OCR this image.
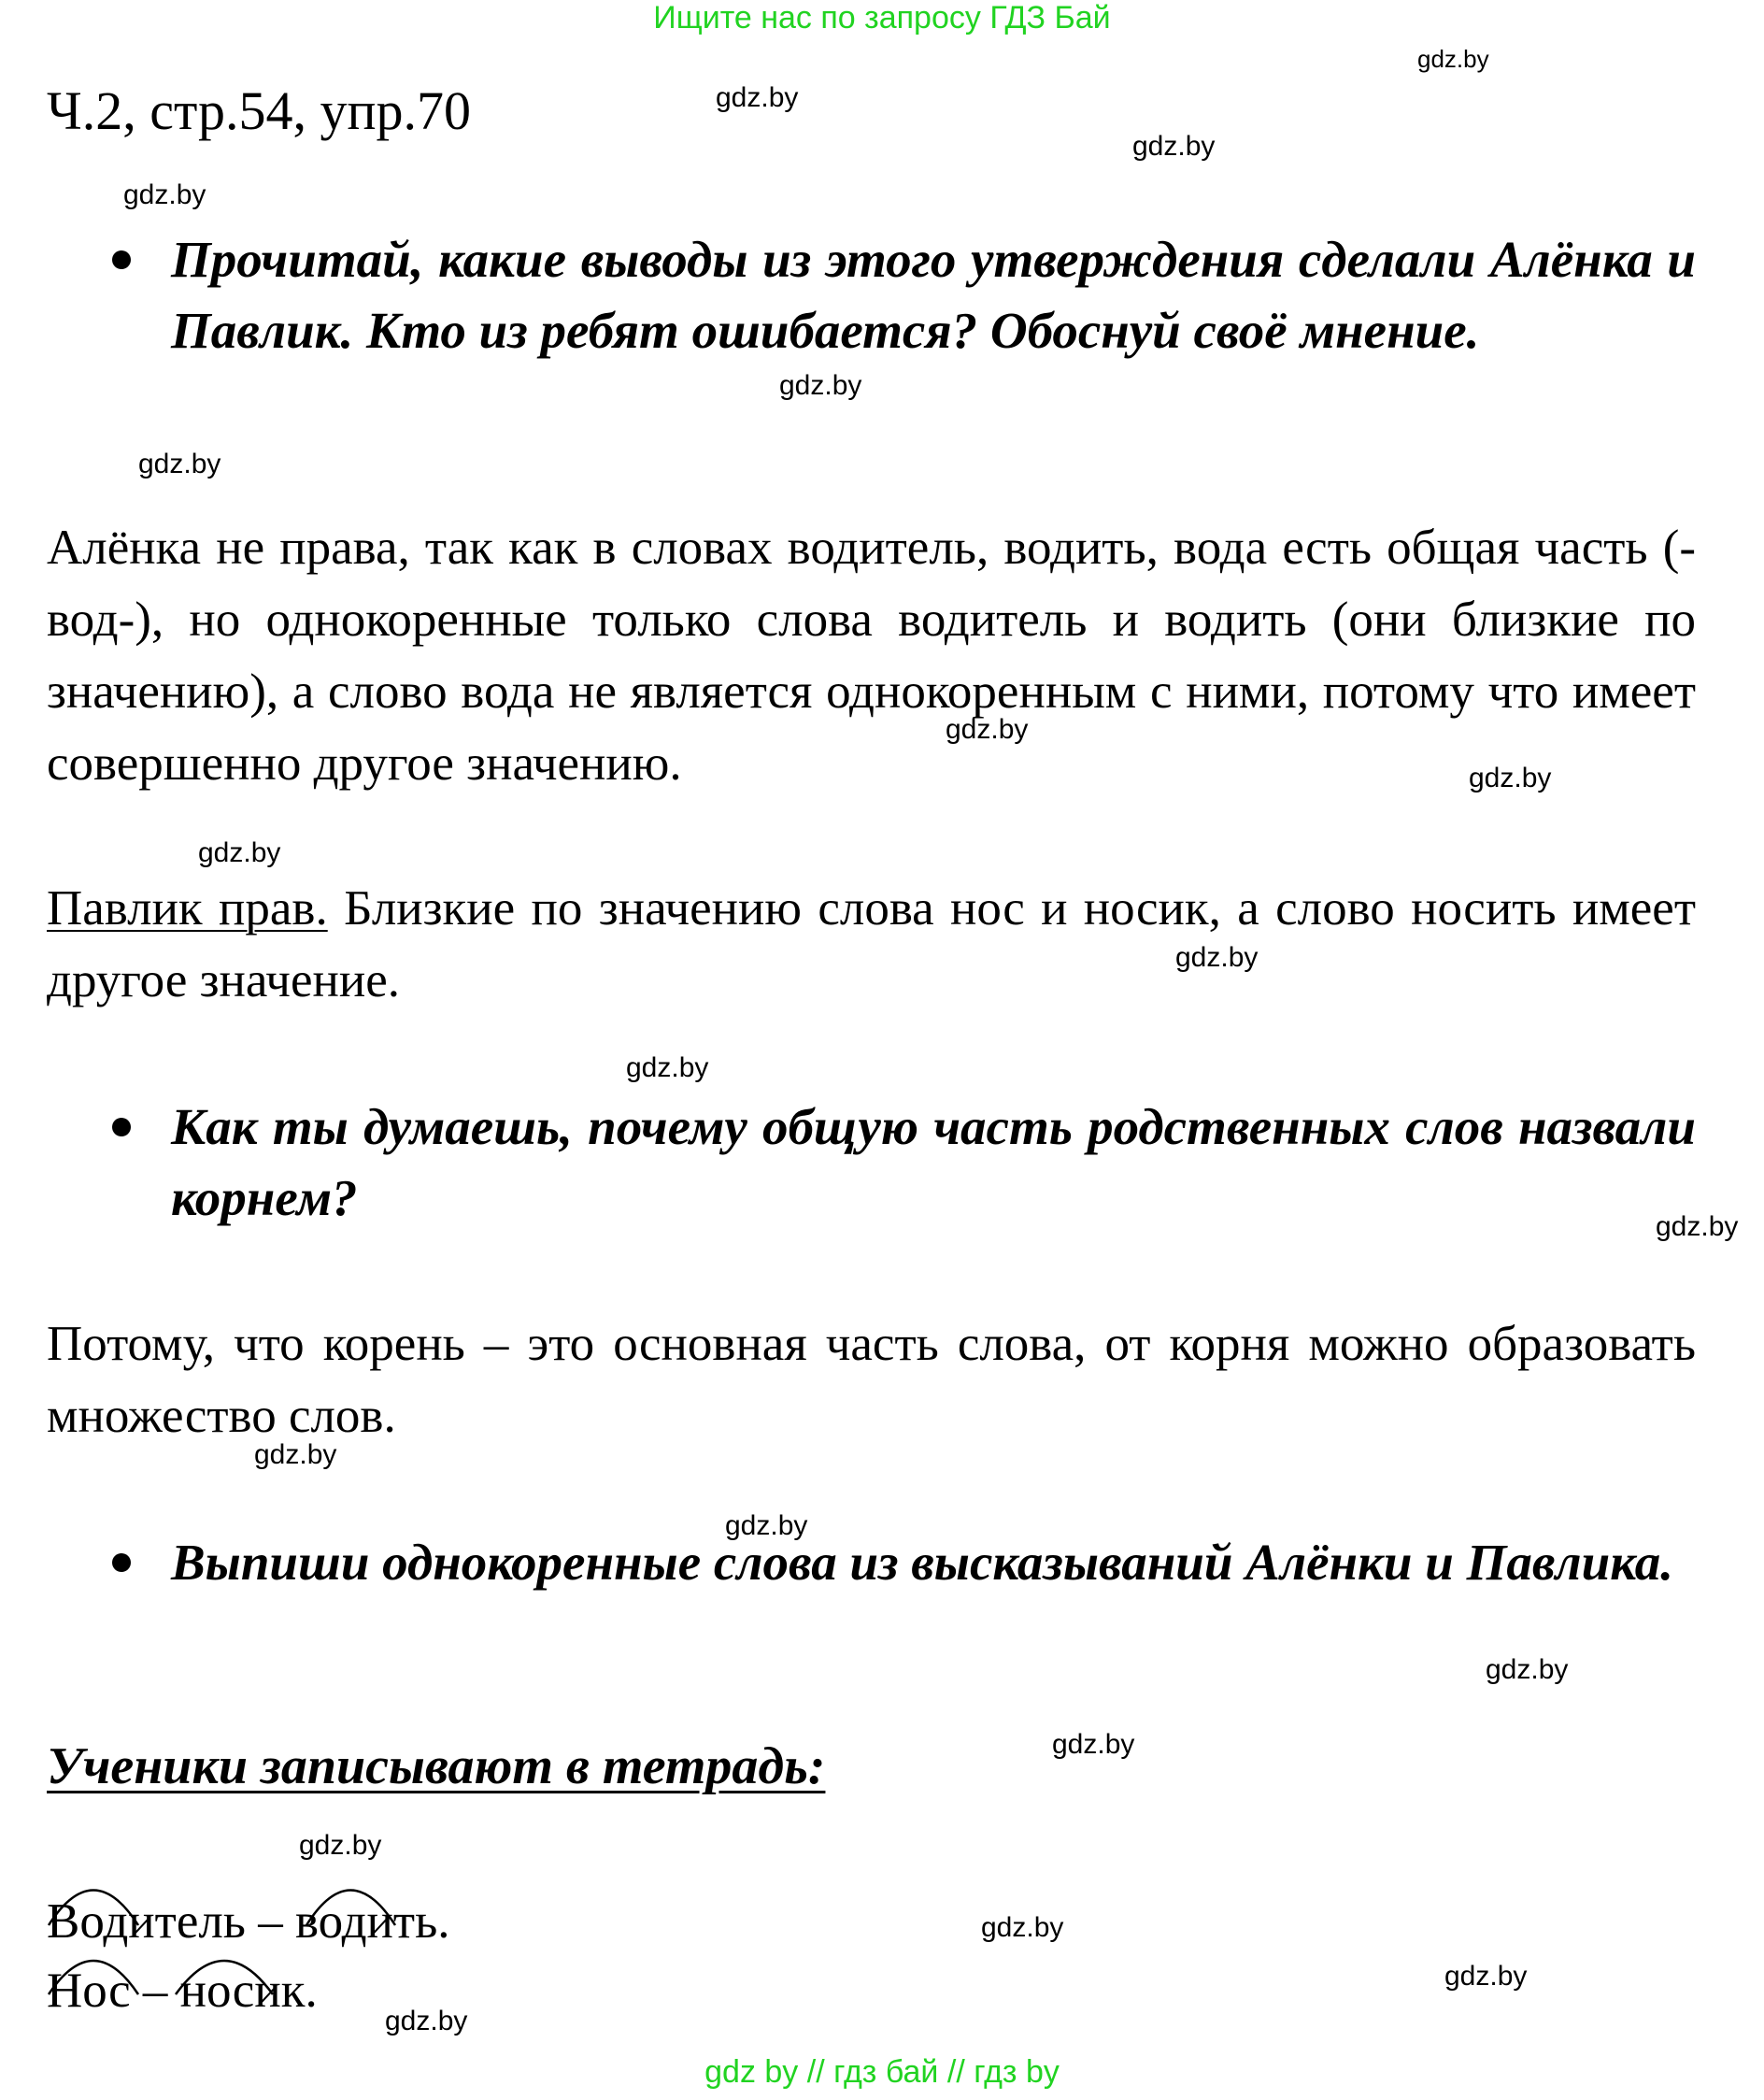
Ищите нас по запросу ГДЗ Бай
Ч.2, стр.54, упр.70
Прочитай, какие выводы из этого утверждения сделали Алёнка и Павлик. Кто из ребят ошибается? Обоснуй своё мнение.

Алёнка не права, так как в словах водитель, водить, вода есть общая часть (-вод-), но однокоренные только слова водитель и водить (они близкие по значению), а слово вода не является однокоренным с ними, потому что имеет совершенно другое значению.

Павлик прав. Близкие по значению слова нос и носик, а слово носить имеет другое значение.

Как ты думаешь, почему общую часть родственных слов назвали корнем?

Потому, что корень – это основная часть слова, от корня можно образовать множество слов.

Выпиши однокоренные слова из высказываний Алёнки и Павлика.
Ученики записывают в тетрадь:
Водитель – водить.
Нос – носик.
gdz.by
gdz.by
gdz.by
gdz.by
gdz.by
gdz.by
gdz.by
gdz.by
gdz.by
gdz.by
gdz.by
gdz.by
gdz.by
gdz.by
gdz.by
gdz.by
gdz.by
gdz.by
gdz.by
gdz.by
gdz by // гдз бай // гдз by
